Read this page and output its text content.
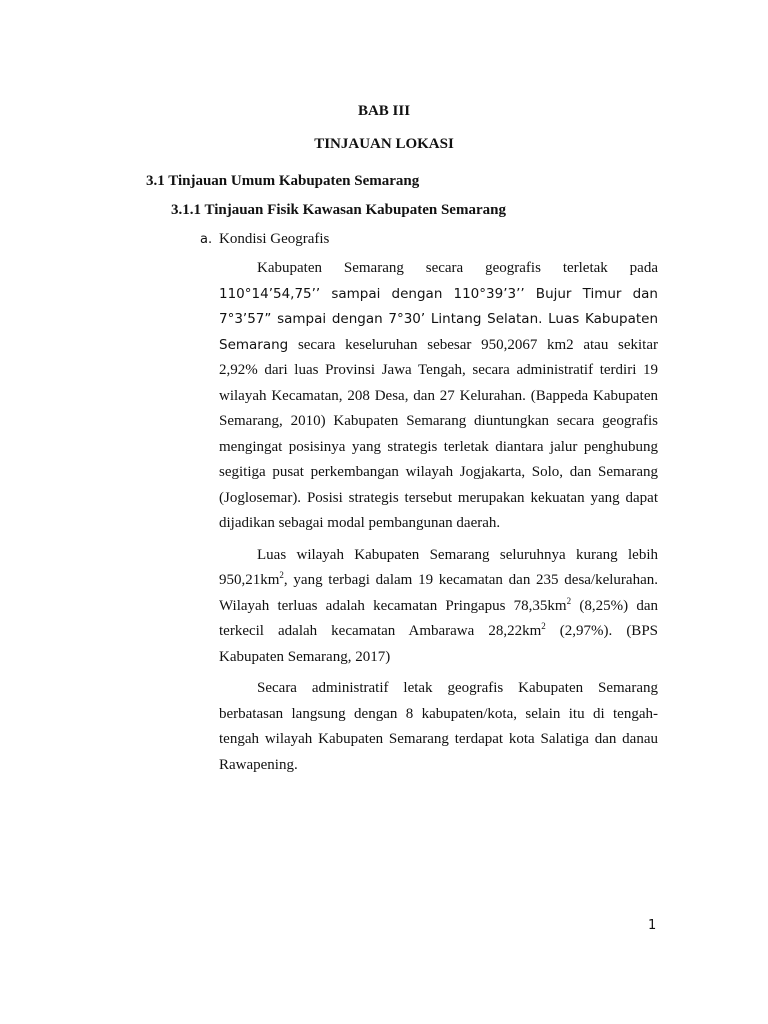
BAB III
TINJAUAN LOKASI
3.1 Tinjauan Umum Kabupaten Semarang
3.1.1 Tinjauan Fisik Kawasan Kabupaten Semarang
a. Kondisi Geografis

Kabupaten Semarang secara geografis terletak pada 110°14’54,75’’ sampai dengan 110°39’3’’ Bujur Timur dan 7°3’57” sampai dengan 7°30’ Lintang Selatan. Luas Kabupaten Semarang secara keseluruhan sebesar 950,2067 km2 atau sekitar 2,92% dari luas Provinsi Jawa Tengah, secara administratif terdiri 19 wilayah Kecamatan, 208 Desa, dan 27 Kelurahan. (Bappeda Kabupaten Semarang, 2010) Kabupaten Semarang diuntungkan secara geografis mengingat posisinya yang strategis terletak diantara jalur penghubung segitiga pusat perkembangan wilayah Jogjakarta, Solo, dan Semarang (Joglosemar). Posisi strategis tersebut merupakan kekuatan yang dapat dijadikan sebagai modal pembangunan daerah.

Luas wilayah Kabupaten Semarang seluruhnya kurang lebih $950,21km^2$, yang terbagi dalam 19 kecamatan dan 235 desa/kelurahan. Wilayah terluas adalah kecamatan Pringapus $78,35km^2$ (8,25%) dan terkecil adalah kecamatan Ambarawa $28,22km^2$ (2,97%). (BPS Kabupaten Semarang, 2017)

Secara administratif letak geografis Kabupaten Semarang berbatasan langsung dengan 8 kabupaten/kota, selain itu di tengah-tengah wilayah Kabupaten Semarang terdapat kota Salatiga dan danau Rawapening.

1
